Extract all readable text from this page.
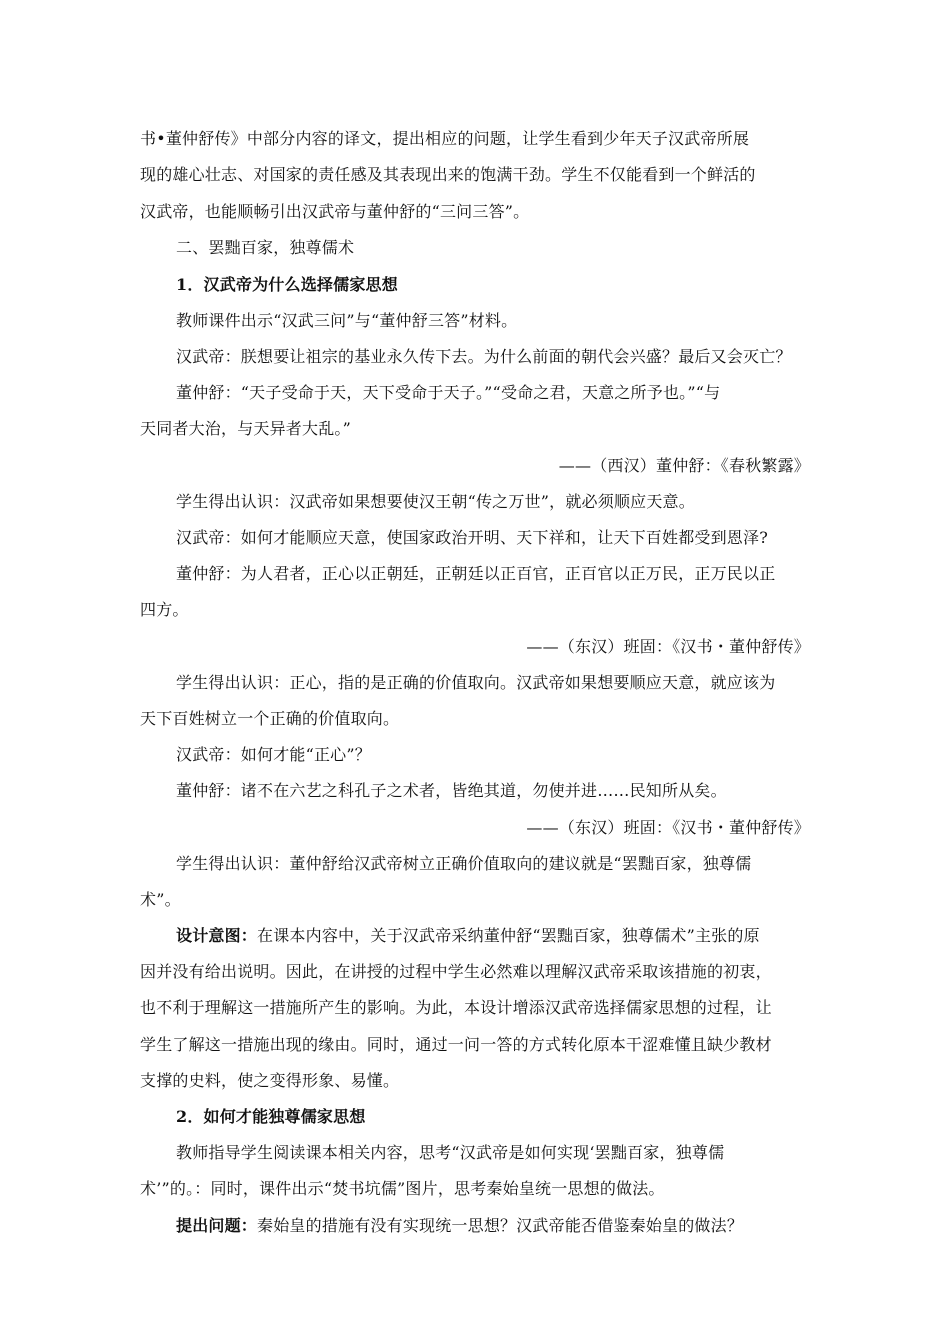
书•董仲舒传》中部分内容的译文，提出相应的问题，让学生看到少年天子汉武帝所展
现的雄心壮志、对国家的责任感及其表现出来的饱满干劲。学生不仅能看到一个鲜活的
汉武帝，也能顺畅引出汉武帝与董仲舒的“三问三答”。
二、罢黜百家，独尊儒术
1．汉武帝为什么选择儒家思想
教师课件出示“汉武三问”与“董仲舒三答”材料。
汉武帝：朕想要让祖宗的基业永久传下去。为什么前面的朝代会兴盛？最后又会灭亡？
董仲舒：“天子受命于天，天下受命于天子。”“受命之君，天意之所予也。”“与
天同者大治，与天异者大乱。”
——（西汉）董仲舒：《春秋繁露》
学生得出认识：汉武帝如果想要使汉王朝“传之万世”，就必须顺应天意。
汉武帝：如何才能顺应天意，使国家政治开明、天下祥和，让天下百姓都受到恩泽?
董仲舒：为人君者，正心以正朝廷，正朝廷以正百官，正百官以正万民，正万民以正
四方。
——（东汉）班固：《汉书・董仲舒传》
学生得出认识：正心，指的是正确的价值取向。汉武帝如果想要顺应天意，就应该为
天下百姓树立一个正确的价值取向。
汉武帝：如何才能“正心”？
董仲舒：诸不在六艺之科孔子之术者，皆绝其道，勿使并进……民知所从矣。
——（东汉）班固：《汉书・董仲舒传》
学生得出认识：董仲舒给汉武帝树立正确价值取向的建议就是“罢黜百家，独尊儒
术”。
设计意图：在课本内容中，关于汉武帝采纳董仲舒“罢黜百家，独尊儒术”主张的原
因并没有给出说明。因此，在讲授的过程中学生必然难以理解汉武帝采取该措施的初衷，
也不利于理解这一措施所产生的影响。为此，本设计增添汉武帝选择儒家思想的过程，让
学生了解这一措施出现的缘由。同时，通过一问一答的方式转化原本干涩难懂且缺少教材
支撑的史料，使之变得形象、易懂。
2．如何才能独尊儒家思想
教师指导学生阅读课本相关内容，思考“汉武帝是如何实现‘罢黜百家，独尊儒
术’”的。：同时，课件出示“焚书坑儒”图片，思考秦始皇统一思想的做法。
提出问题：秦始皇的措施有没有实现统一思想？汉武帝能否借鉴秦始皇的做法？
